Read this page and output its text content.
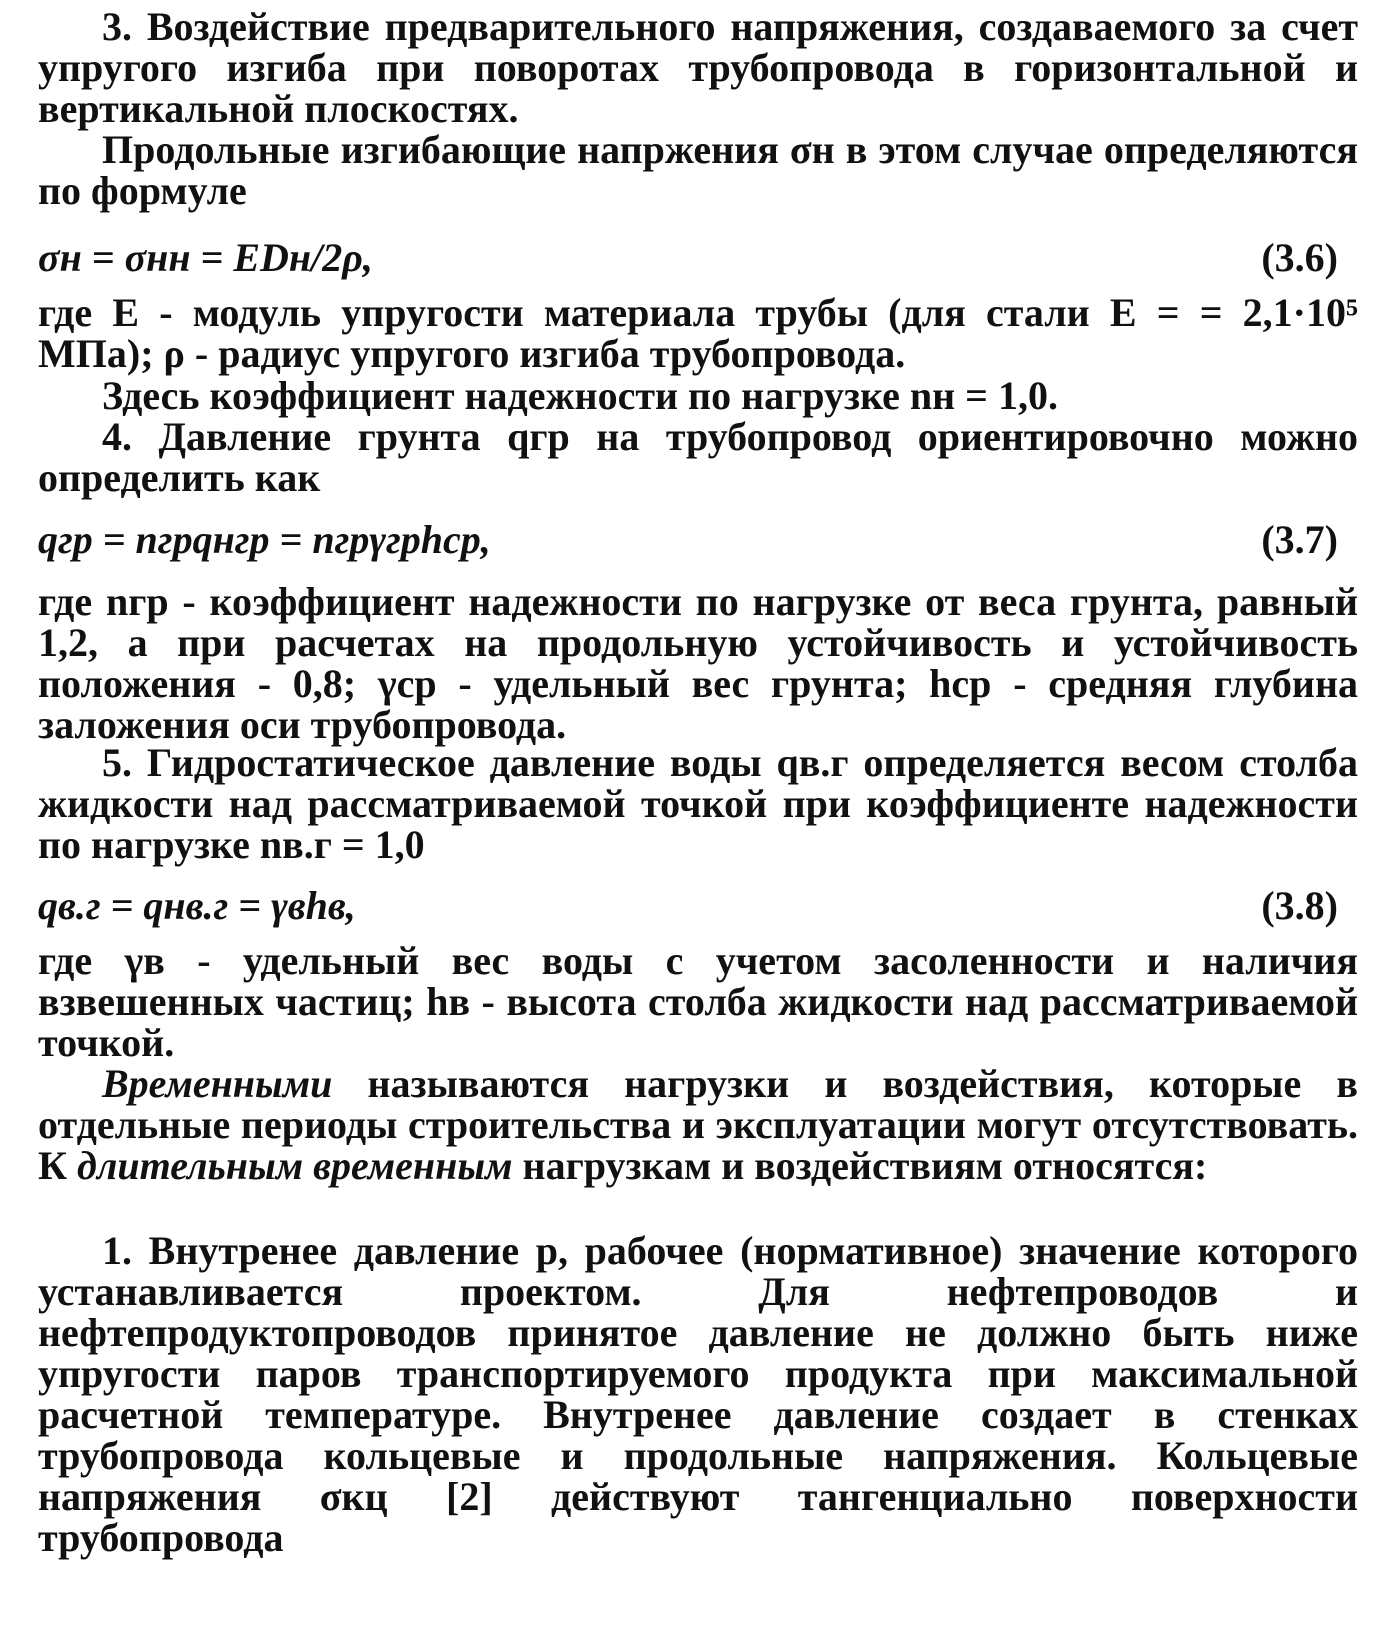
3. Воздействие предварительного напряжения, создаваемого за счет упругого изгиба при поворотах трубопровода в горизонтальной и вертикальной плоскостях.

Продольные изгибающие напржения σн в этом случае определяются по формуле

σн = σнн = EDн/2ρ,	(3.6)

где E - модуль упругости материала трубы (для стали E = = 2,1·10⁵ МПа); ρ - радиус упругого изгиба трубопровода.

Здесь коэффициент надежности по нагрузке nн = 1,0.

4. Давление грунта qгр на трубопровод ориентировочно можно определить как

qгр = nгрqнгр = nгрγгрhср,	(3.7)

где nгр - коэффициент надежности по нагрузке от веса грунта, равный 1,2, а при расчетах на продольную устойчивость и устойчивость положения - 0,8; γср - удельный вес грунта; hср - средняя глубина заложения оси трубопровода.

5. Гидростатическое давление воды qв.г определяется весом столба жидкости над рассматриваемой точкой при коэффициенте надежности по нагрузке nв.г = 1,0

qв.г = qнв.г = γвhв,	(3.8)

где γв - удельный вес воды с учетом засоленности и наличия взвешенных частиц; hв - высота столба жидкости над рассматриваемой точкой.

Временными называются нагрузки и воздействия, которые в отдельные периоды строительства и эксплуатации могут отсутствовать. К длительным временным нагрузкам и воздействиям относятся:

1. Внутренее давление p, рабочее (нормативное) значение которого устанавливается проектом. Для нефтепроводов и нефтепродуктопроводов принятое давление не должно быть ниже упругости паров транспортируемого продукта при максимальной расчетной температуре. Внутренее давление создает в стенках трубопровода кольцевые и продольные напряжения. Кольцевые напряжения σкц [2] действуют тангенциально поверхности трубопровода
